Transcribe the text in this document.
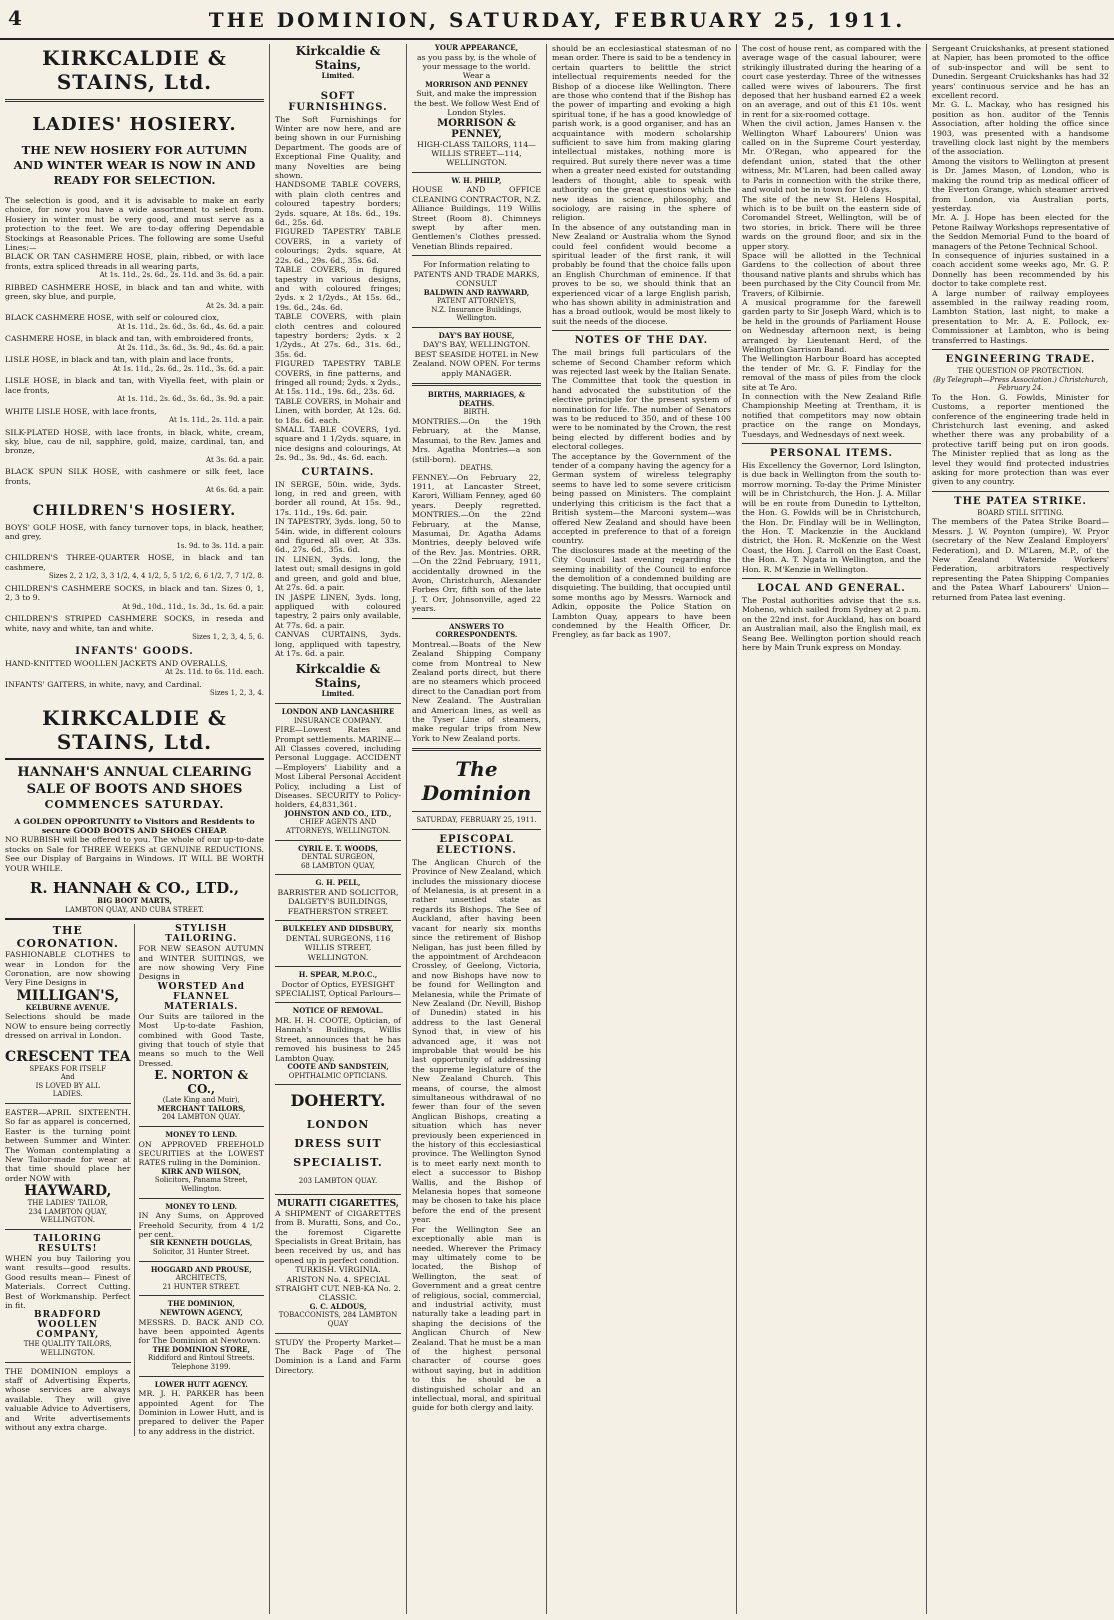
4	THE DOMINION, SATURDAY, FEBRUARY 25, 1911.
KIRKCALDIE & STAINS, Ltd.
LADIES' HOSIERY.
THE NEW HOSIERY FOR AUTUMN AND WINTER WEAR IS NOW IN AND READY FOR SELECTION.

The selection is good, and it is advisable to make an early choice, for now you have a wide assortment to select from. Hosiery in winter must be very good, and must serve as a protection to the feet. We are to-day offering Dependable Stockings at Reasonable Prices. The following are some Useful Lines:—

BLACK OR TAN CASHMERE HOSE, plain, ribbed, or with lace fronts, extra spliced threads in all wearing parts,

At 1s. 11d., 2s. 6d., 2s. 11d. and 3s. 6d. a pair.

RIBBED CASHMERE HOSE, in black and tan and white, with green, sky blue, and purple,

At 2s. 3d. a pair.

BLACK CASHMERE HOSE, with self or coloured clox,

At 1s. 11d., 2s. 6d., 3s. 6d., 4s. 6d. a pair.

CASHMERE HOSE, in black and tan, with embroidered fronts,

At 2s. 11d., 3s. 6d., 3s. 9d., 4s. 6d. a pair.

LISLE HOSE, in black and tan, with plain and lace fronts,

At 1s. 11d., 2s. 6d., 2s. 11d., 3s. 6d. a pair.

LISLE HOSE, in black and tan, with Viyella feet, with plain or lace fronts,

At 1s. 11d., 2s. 6d., 3s. 6d., 3s. 9d. a pair.

WHITE LISLE HOSE, with lace fronts,

At 1s. 11d., 2s. 11d. a pair.

SILK-PLATED HOSE, with lace fronts, in black, white, cream, sky, blue, cau de nil, sapphire, gold, maize, cardinal, tan, and bronze,

At 3s. 6d. a pair.

BLACK SPUN SILK HOSE, with cashmere or silk feet, lace fronts,

At 6s. 6d. a pair.
CHILDREN'S HOSIERY.

BOYS' GOLF HOSE, with fancy turnover tops, in black, heather, and grey,

1s. 9d. to 3s. 11d. a pair.

CHILDREN'S THREE-QUARTER HOSE, in black and tan cashmere,

Sizes 2, 2 1/2, 3, 3 1/2, 4, 4 1/2, 5, 5 1/2, 6, 6 1/2, 7, 7 1/2, 8.

CHILDREN'S CASHMERE SOCKS, in black and tan. Sizes 0, 1, 2, 3 to 9.

At 9d., 10d., 11d., 1s. 3d., 1s. 6d. a pair.

CHILDREN'S STRIPED CASHMERE SOCKS, in reseda and white, navy and white, tan and white.

Sizes 1, 2, 3, 4, 5, 6.
INFANTS' GOODS.

HAND-KNITTED WOOLLEN JACKETS AND OVERALLS,

At 2s. 11d. to 6s. 11d. each.

INFANTS' GAITERS, in white, navy, and Cardinal.

Sizes 1, 2, 3, 4.
KIRKCALDIE & STAINS, Ltd.
HANNAH'S ANNUAL CLEARING SALE OF BOOTS AND SHOES
COMMENCES SATURDAY.

A GOLDEN OPPORTUNITY to Visitors and Residents to secure GOOD BOOTS AND SHOES CHEAP.

NO RUBBISH will be offered to you. The whole of our up-to-date stocks on Sale for THREE WEEKS at GENUINE REDUCTIONS. See our Display of Bargains in Windows. IT WILL BE WORTH YOUR WHILE.

R. HANNAH & CO., LTD.,
BIG BOOT MARTS,
LAMBTON QUAY, AND CUBA STREET.
THE CORONATION.

FASHIONABLE CLOTHES to wear in London for the Coronation, are now showing Very Fine Designs in

MILLIGAN'S,
KELBURNE AVENUE.

Selections should be made NOW to ensure being correctly dressed on arrival in London.

CRESCENT TEA
SPEAKS FOR ITSELF
And
IS LOVED BY ALL
LADIES.

EASTER—APRIL SIXTEENTH. So far as apparel is concerned, Easter is the turning point between Summer and Winter. The Woman contemplating a New Tailor-made for wear at that time should place her order NOW with

HAYWARD,
THE LADIES' TAILOR,
234 LAMBTON QUAY, WELLINGTON.
TAILORING RESULTS!

WHEN you buy Tailoring you want results—good results. Good results mean— Finest of Materials. Correct Cutting. Best of Workmanship. Perfect in fit.

BRADFORD WOOLLEN COMPANY,
THE QUALITY TAILORS,
WELLINGTON.

THE DOMINION employs a staff of Advertising Experts, whose services are always available. They will give valuable Advice to Advertisers, and Write advertisements without any extra charge.

STYLISH TAILORING.

FOR NEW SEASON AUTUMN and WINTER SUITINGS, we are now showing Very Fine Designs in

WORSTED And FLANNEL MATERIALS.

Our Suits are tailored in the Most Up-to-date Fashion, combined with Good Taste, giving that touch of style that means so much to the Well Dressed.

E. NORTON & CO.,
(Late King and Muir),
MERCHANT TAILORS,
204 LAMBTON QUAY.
MONEY TO LEND.

ON APPROVED FREEHOLD SECURITIES at the LOWEST RATES ruling in the Dominion.

KIRK AND WILSON,
Solicitors, Panama Street, Wellington.
MONEY TO LEND.

IN Any Sums, on Approved Freehold Security, from 4 1/2 per cent.

SIR KENNETH DOUGLAS,
Solicitor, 31 Hunter Street.
HOGGARD AND PROUSE,
ARCHITECTS,
21 HUNTER STREET.
THE DOMINION,
NEWTOWN AGENCY,

MESSRS. D. BACK AND CO. have been appointed Agents for The Dominion at Newtown.

THE DOMINION STORE,
Riddiford and Rintoul Streets. Telephone 3199.
LOWER HUTT AGENCY.

MR. J. H. PARKER has been appointed Agent for The Dominion in Lower Hutt, and is prepared to deliver the Paper to any address in the district.

Kirkcaldie & Stains,
Limited.
SOFT FURNISHINGS.

The Soft Furnishings for Winter are now here, and are being shown in our Furnishing Department. The goods are of Exceptional Fine Quality, and many Novelties are being shown.

HANDSOME TABLE COVERS, with plain cloth centres and coloured tapestry borders; 2yds. square, At 18s. 6d., 19s. 6d., 25s. 6d.

FIGURED TAPESTRY TABLE COVERS, in a variety of colourings; 2yds. square, At 22s. 6d., 29s. 6d., 35s. 6d.

TABLE COVERS, in figured tapestry in various designs, and with coloured fringes; 2yds. x 2 1/2yds., At 15s. 6d., 19s. 6d., 24s. 6d.

TABLE COVERS, with plain cloth centres and coloured tapestry borders; 2yds. x 2 1/2yds., At 27s. 6d., 31s. 6d., 35s. 6d.

FIGURED TAPESTRY TABLE COVERS, in fine patterns, and fringed all round; 2yds. x 2yds., At 15s. 11d., 19s. 6d., 23s. 6d.

TABLE COVERS, in Mohair and Linen, with border, At 12s. 6d. to 18s. 6d. each.

SMALL TABLE COVERS, 1yd. square and 1 1/2yds. square, in nice designs and colourings, At 2s. 9d., 3s. 9d., 4s. 6d. each.

CURTAINS.

IN SERGE, 50in. wide, 3yds. long, in red and green, with border all round, At 15s. 9d., 17s. 11d., 19s. 6d. pair.

IN TAPESTRY, 3yds. long, 50 to 54in. wide, in different colours and figured all over, At 33s. 6d., 27s. 6d., 35s. 6d.

IN LINEN, 3yds. long, the latest out; small designs in gold and green, and gold and blue, At 27s. 6d. a pair.

IN JASPE LINEN, 3yds. long, appliqued with coloured tapestry, 2 pairs only available, At 77s. 6d. a pair.

CANVAS CURTAINS, 3yds. long, appliqued with tapestry, At 17s. 6d. a pair.

Kirkcaldie & Stains,
Limited.
LONDON AND LANCASHIRE
INSURANCE COMPANY.

FIRE—Lowest Rates and Prompt settlements. MARINE—All Classes covered, including Personal Luggage. ACCIDENT—Employers' Liability and a Most Liberal Personal Accident Policy, including a List of Diseases. SECURITY to Policy-holders, £4,831,361.

JOHNSTON AND CO., LTD.,
CHIEF AGENTS AND ATTORNEYS, WELLINGTON.
CYRIL E. T. WOODS,
DENTAL SURGEON,
68 LAMBTON QUAY,
G. H. PELL,

BARRISTER AND SOLICITOR, DALGETY'S BUILDINGS, FEATHERSTON STREET.

BULKELEY AND DIDSBURY,

DENTAL SURGEONS, 116 WILLIS STREET, WELLINGTON.

H. SPEAR, M.P.O.C.,

Doctor of Optics, EYESIGHT SPECIALIST, Optical Parlours—

NOTICE OF REMOVAL.

MR. H. H. COOTE, Optician, of Hannah's Buildings, Willis Street, announces that he has removed his business to 245 Lambton Quay.

COOTE AND SANDSTEIN,
OPHTHALMIC OPTICIANS.
DOHERTY.
LONDON
DRESS SUIT
SPECIALIST.
203 LAMBTON QUAY.
MURATTI CIGARETTES,

A SHIPMENT of CIGARETTES from B. Muratti, Sons, and Co., the foremost Cigarette Specialists in Great Britain, has been received by us, and has opened up in perfect condition.

TURKISH. VIRGINIA. ARISTON No. 4. SPECIAL STRAIGHT CUT. NEB-KA No. 2. CLASSIC.

G. C. ALDOUS,
TOBACCONISTS, 284 LAMBTON QUAY

STUDY the Property Market—The Back Page of The Dominion is a Land and Farm Directory.

YOUR APPEARANCE,

as you pass by, is the whole of your message to the world. Wear a

MORRISON AND PENNEY

Suit, and make the impression the best. We follow West End of London Styles.

MORRISON & PENNEY,

HIGH-CLASS TAILORS, 114—WILLIS STREET—114, WELLINGTON.

W. H. PHILP,

HOUSE AND OFFICE CLEANING CONTRACTOR, N.Z. Alliance Buildings, 119 Willis Street (Room 8). Chimneys swept by after men. Gentlemen's Clothes pressed. Venetian Blinds repaired.

For Information relating to PATENTS AND TRADE MARKS, CONSULT

BALDWIN AND RAYWARD,
PATENT ATTORNEYS,
N.Z. Insurance Buildings, Wellington.
DAY'S BAY HOUSE,

DAY'S BAY, WELLINGTON. BEST SEASIDE HOTEL in New Zealand. NOW OPEN. For terms apply MANAGER.

BIRTHS, MARRIAGES, & DEATHS.
BIRTH.

MONTRIES.—On the 19th February, at the Manse, Masumai, to the Rev. James and Mrs. Agatha Montries—a son (still-born).

DEATHS.

FENNEY.—On February 22, 1911, at Lancaster Street, Karori, William Fenney, aged 60 years. Deeply regretted. MONTRIES.—On the 22nd February, at the Manse, Masumai, Dr. Agatha Adams Montries, deeply beloved wife of the Rev. Jas. Montries. ORR.—On the 22nd February, 1911, accidentally drowned in the Avon, Christchurch, Alexander Forbes Orr, fifth son of the late J. T. Orr, Johnsonville, aged 22 years.

ANSWERS TO CORRESPONDENTS.

Montreal.—Boats of the New Zealand Shipping Company come from Montreal to New Zealand ports direct, but there are no steamers which proceed direct to the Canadian port from New Zealand. The Australian and American lines, as well as the Tyser Line of steamers, make regular trips from New York to New Zealand ports.

The Dominion
SATURDAY, FEBRUARY 25, 1911.
EPISCOPAL ELECTIONS.

The Anglican Church of the Province of New Zealand, which includes the missionary diocese of Melanesia, is at present in a rather unsettled state as regards its Bishops. The See of Auckland, after having been vacant for nearly six months since the retirement of Bishop Neligan, has just been filled by the appointment of Archdeacon Crossley, of Geelong, Victoria, and now Bishops have now to be found for Wellington and Melanesia, while the Primate of New Zealand (Dr. Nevill, Bishop of Dunedin) stated in his address to the last General Synod that, in view of his advanced age, it was not improbable that would be his last opportunity of addressing the supreme legislature of the New Zealand Church. This means, of course, the almost simultaneous withdrawal of no fewer than four of the seven Anglican Bishops, creating a situation which has never previously been experienced in the history of this ecclesiastical province. The Wellington Synod is to meet early next month to elect a successor to Bishop Wallis, and the Bishop of Melanesia hopes that someone may be chosen to take his place before the end of the present year.

For the Wellington See an exceptionally able man is needed. Wherever the Primacy may ultimately come to be located, the Bishop of Wellington, the seat of Government and a great centre of religious, social, commercial, and industrial activity, must naturally take a leading part in shaping the decisions of the Anglican Church of New Zealand. That he must be a man of the highest personal character of course goes without saying, but in addition to this he should be a distinguished scholar and an intellectual, moral, and spiritual guide for both clergy and laity.

should be an ecclesiastical statesman of no mean order. There is said to be a tendency in certain quarters to belittle the strict intellectual requirements needed for the Bishop of a diocese like Wellington. There are those who contend that if the Bishop has the power of imparting and evoking a high spiritual tone, if he has a good knowledge of parish work, is a good organiser, and has an acquaintance with modern scholarship sufficient to save him from making glaring intellectual mistakes, nothing more is required. But surely there never was a time when a greater need existed for outstanding leaders of thought, able to speak with authority on the great questions which the new ideas in science, philosophy, and sociology, are raising in the sphere of religion.

In the absence of any outstanding man in New Zealand or Australia whom the Synod could feel confident would become a spiritual leader of the first rank, it will probably be found that the choice falls upon an English Churchman of eminence. If that proves to be so, we should think that an experienced vicar of a large English parish, who has shown ability in administration and has a broad outlook, would be most likely to suit the needs of the diocese.

NOTES OF THE DAY.

The mail brings full particulars of the scheme of Second Chamber reform which was rejected last week by the Italian Senate. The Committee that took the question in hand advocated the substitution of the elective principle for the present system of nomination for life. The number of Senators was to be reduced to 350, and of these 100 were to be nominated by the Crown, the rest being elected by different bodies and by electoral colleges.

The acceptance by the Government of the tender of a company having the agency for a German system of wireless telegraphy seems to have led to some severe criticism being passed on Ministers. The complaint underlying this criticism is the fact that a British system—the Marconi system—was offered New Zealand and should have been accepted in preference to that of a foreign country.

The disclosures made at the meeting of the City Council last evening regarding the seeming inability of the Council to enforce the demolition of a condemned building are disquieting. The building, that occupied until some months ago by Messrs. Warnock and Adkin, opposite the Police Station on Lambton Quay, appears to have been condemned by the Health Officer, Dr. Frengley, as far back as 1907.

The cost of house rent, as compared with the average wage of the casual labourer, were strikingly illustrated during the hearing of a court case yesterday. Three of the witnesses called were wives of labourers. The first deposed that her husband earned £2 a week on an average, and out of this £1 10s. went in rent for a six-roomed cottage.

When the civil action, James Hansen v. the Wellington Wharf Labourers' Union was called on in the Supreme Court yesterday, Mr. O'Regan, who appeared for the defendant union, stated that the other witness, Mr. M'Laren, had been called away to Paris in connection with the strike there, and would not be in town for 10 days.

The site of the new St. Helens Hospital, which is to be built on the eastern side of Coromandel Street, Wellington, will be of two stories, in brick. There will be three wards on the ground floor, and six in the upper story.

Space will be allotted in the Technical Gardens to the collection of about three thousand native plants and shrubs which has been purchased by the City Council from Mr. Travers, of Kilbirnie.

A musical programme for the farewell garden party to Sir Joseph Ward, which is to be held in the grounds of Parliament House on Wednesday afternoon next, is being arranged by Lieutenant Herd, of the Wellington Garrison Band.

The Wellington Harbour Board has accepted the tender of Mr. G. F. Findlay for the removal of the mass of piles from the clock site at Te Aro.

In connection with the New Zealand Rifle Championship Meeting at Trentham, it is notified that competitors may now obtain practice on the range on Mondays, Tuesdays, and Wednesdays of next week.

PERSONAL ITEMS.

His Excellency the Governor, Lord Islington, is due back in Wellington from the south to-morrow morning. To-day the Prime Minister will be in Christchurch, the Hon. J. A. Millar will be en route from Dunedin to Lyttelton, the Hon. G. Fowlds will be in Christchurch, the Hon. Dr. Findlay will be in Wellington, the Hon. T. Mackenzie in the Auckland district, the Hon. R. McKenzie on the West Coast, the Hon. J. Carroll on the East Coast, the Hon. A. T. Ngata in Wellington, and the Hon. R. M'Kenzie in Wellington.

LOCAL AND GENERAL.

The Postal authorities advise that the s.s. Moheno, which sailed from Sydney at 2 p.m. on the 22nd inst. for Auckland, has on board an Australian mail, also the English mail, ex Seang Bee. Wellington portion should reach here by Main Trunk express on Monday.

Sergeant Cruickshanks, at present stationed at Napier, has been promoted to the office of sub-inspector and will be sent to Dunedin. Sergeant Cruickshanks has had 32 years' continuous service and he has an excellent record.

Mr. G. L. Mackay, who has resigned his position as hon. auditor of the Tennis Association, after holding the office since 1903, was presented with a handsome travelling clock last night by the members of the association.

Among the visitors to Wellington at present is Dr. James Mason, of London, who is making the round trip as medical officer of the Everton Grange, which steamer arrived from London, via Australian ports, yesterday.

Mr. A. J. Hope has been elected for the Petone Railway Workshops representative of the Seddon Memorial Fund to the board of managers of the Petone Technical School.

In consequence of injuries sustained in a coach accident some weeks ago, Mr. G. P. Donnelly has been recommended by his doctor to take complete rest.

A large number of railway employees assembled in the railway reading room, Lambton Station, last night, to make a presentation to Mr. A. E. Pollock, ex-Commissioner at Lambton, who is being transferred to Hastings.

ENGINEERING TRADE.
THE QUESTION OF PROTECTION.
(By Telegraph—Press Association.) Christchurch, February 24.

To the Hon. G. Fowlds, Minister for Customs, a reporter mentioned the conference of the engineering trade held in Christchurch last evening, and asked whether there was any probability of a protective tariff being put on iron goods. The Minister replied that as long as the level they would find protected industries asking for more protection than was ever given to any country.

THE PATEA STRIKE.
BOARD STILL SITTING.

The members of the Patea Strike Board—Messrs. J. W. Poynton (umpire), W. Pryor (secretary of the New Zealand Employers' Federation), and D. M'Laren, M.P., of the New Zealand Waterside Workers' Federation, arbitrators respectively representing the Patea Shipping Companies and the Patea Wharf Labourers' Union—returned from Patea last evening.
